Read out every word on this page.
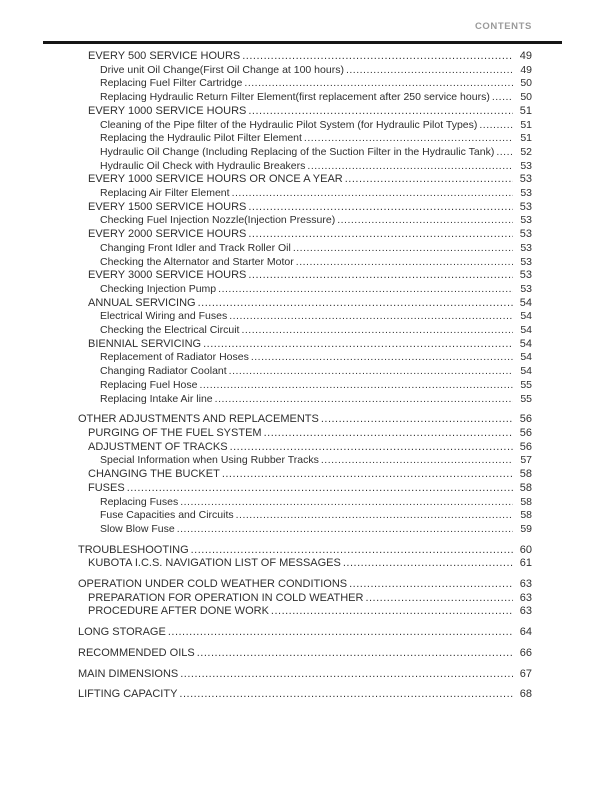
CONTENTS
EVERY 500 SERVICE HOURS .....	49
Drive unit Oil Change(First Oil Change at 100 hours) .....	49
Replacing Fuel Filter Cartridge .....	50
Replacing Hydraulic Return Filter Element(first replacement after 250 service hours) .....	50
EVERY 1000 SERVICE HOURS .....	51
Cleaning of the Pipe filter of the Hydraulic Pilot System (for Hydraulic Pilot Types) .....	51
Replacing the Hydraulic Pilot Filter Element .....	51
Hydraulic Oil Change (Including Replacing of the Suction Filter in the Hydraulic Tank) .....	52
Hydraulic Oil Check with Hydraulic Breakers .....	53
EVERY 1000 SERVICE HOURS OR ONCE A YEAR .....	53
Replacing Air Filter Element .....	53
EVERY 1500 SERVICE HOURS .....	53
Checking Fuel Injection Nozzle(Injection Pressure) .....	53
EVERY 2000 SERVICE HOURS .....	53
Changing Front Idler and Track Roller Oil .....	53
Checking the Alternator and Starter Motor .....	53
EVERY 3000 SERVICE HOURS .....	53
Checking Injection Pump .....	53
ANNUAL SERVICING .....	54
Electrical Wiring and Fuses .....	54
Checking the Electrical Circuit .....	54
BIENNIAL SERVICING .....	54
Replacement of Radiator Hoses .....	54
Changing Radiator Coolant .....	54
Replacing Fuel Hose .....	55
Replacing Intake Air line .....	55
OTHER ADJUSTMENTS AND REPLACEMENTS .....	56
PURGING OF THE FUEL SYSTEM .....	56
ADJUSTMENT OF TRACKS .....	56
Special Information when Using Rubber Tracks .....	57
CHANGING THE BUCKET .....	58
FUSES .....	58
Replacing Fuses .....	58
Fuse Capacities and Circuits .....	58
Slow Blow Fuse .....	59
TROUBLESHOOTING .....	60
KUBOTA I.C.S. NAVIGATION LIST OF MESSAGES .....	61
OPERATION UNDER COLD WEATHER CONDITIONS .....	63
PREPARATION FOR OPERATION IN COLD WEATHER .....	63
PROCEDURE AFTER DONE WORK .....	63
LONG STORAGE .....	64
RECOMMENDED OILS .....	66
MAIN DIMENSIONS .....	67
LIFTING CAPACITY .....	68
